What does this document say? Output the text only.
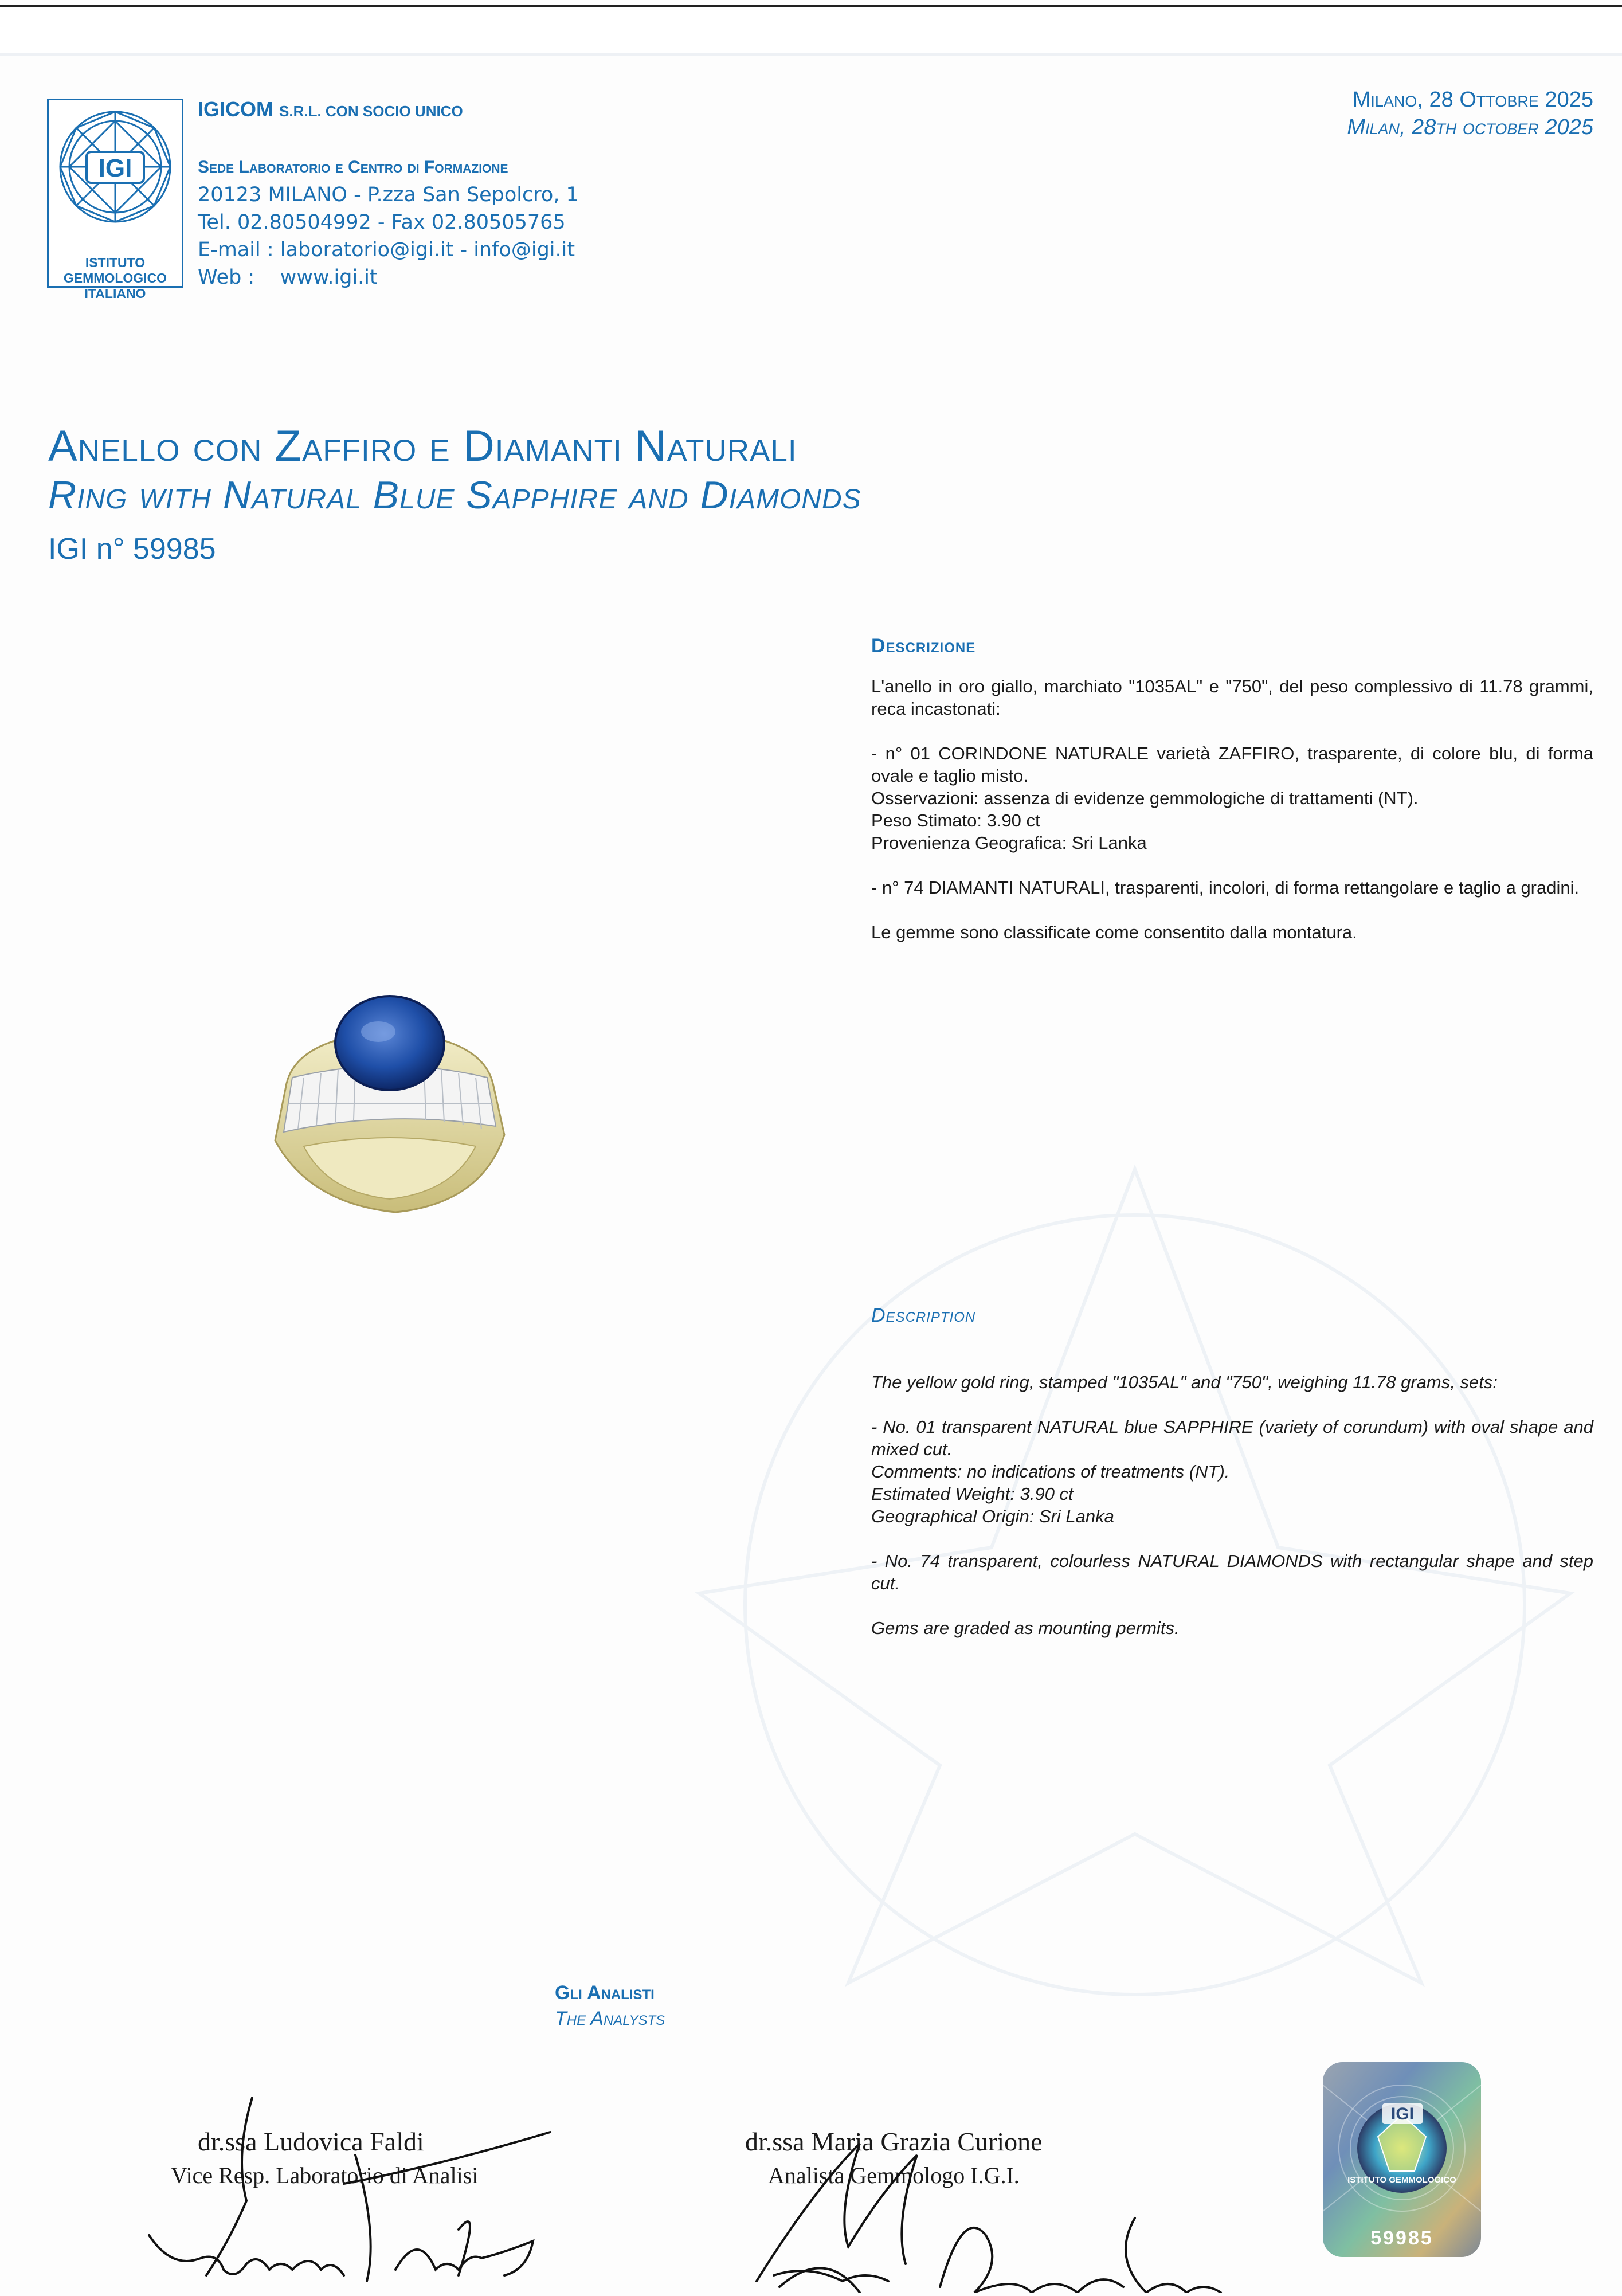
IGI
ISTITUTO
GEMMOLOGICO
ITALIANO
IGICOM S.R.L. CON SOCIO UNICO
Sede Laboratorio e Centro di Formazione
20123 MILANO - P.zza San Sepolcro, 1
Tel. 02.80504992 - Fax 02.80505765
E-mail : laboratorio@igi.it - info@igi.it
Web :    www.igi.it
Milano, 28 Ottobre 2025
Milan, 28th october 2025
Anello con Zaffiro e Diamanti Naturali
Ring with Natural Blue Sapphire and Diamonds
IGI n° 59985
Descrizione

L'anello in oro giallo, marchiato "1035AL" e "750", del peso complessivo di 11.78 grammi, reca incastonati:

- n° 01 CORINDONE NATURALE varietà ZAFFIRO, trasparente, di colore blu, di forma ovale e taglio misto.
Osservazioni: assenza di evidenze gemmologiche di trattamenti (NT).
Peso Stimato: 3.90 ct

Provenienza Geografica: Sri Lanka

- n° 74 DIAMANTI NATURALI, trasparenti, incolori, di forma rettangolare e taglio a gradini.

Le gemme sono classificate come consentito dalla montatura.

Description

The yellow gold ring, stamped "1035AL" and "750", weighing 11.78 grams, sets:

- No. 01 transparent NATURAL blue SAPPHIRE (variety of corundum) with oval shape and mixed cut.
Comments: no indications of treatments (NT).
Estimated Weight: 3.90 ct

Geographical Origin: Sri Lanka

- No. 74 transparent, colourless NATURAL DIAMONDS with rectangular shape and step cut.

Gems are graded as mounting permits.

Gli Analisti
The Analysts
dr.ssa Ludovica Faldi
Vice Resp. Laboratorio di Analisi
dr.ssa Maria Grazia Curione
Analista Gemmologo I.G.I.
IGI
ISTITUTO GEMMOLOGICO
59985
